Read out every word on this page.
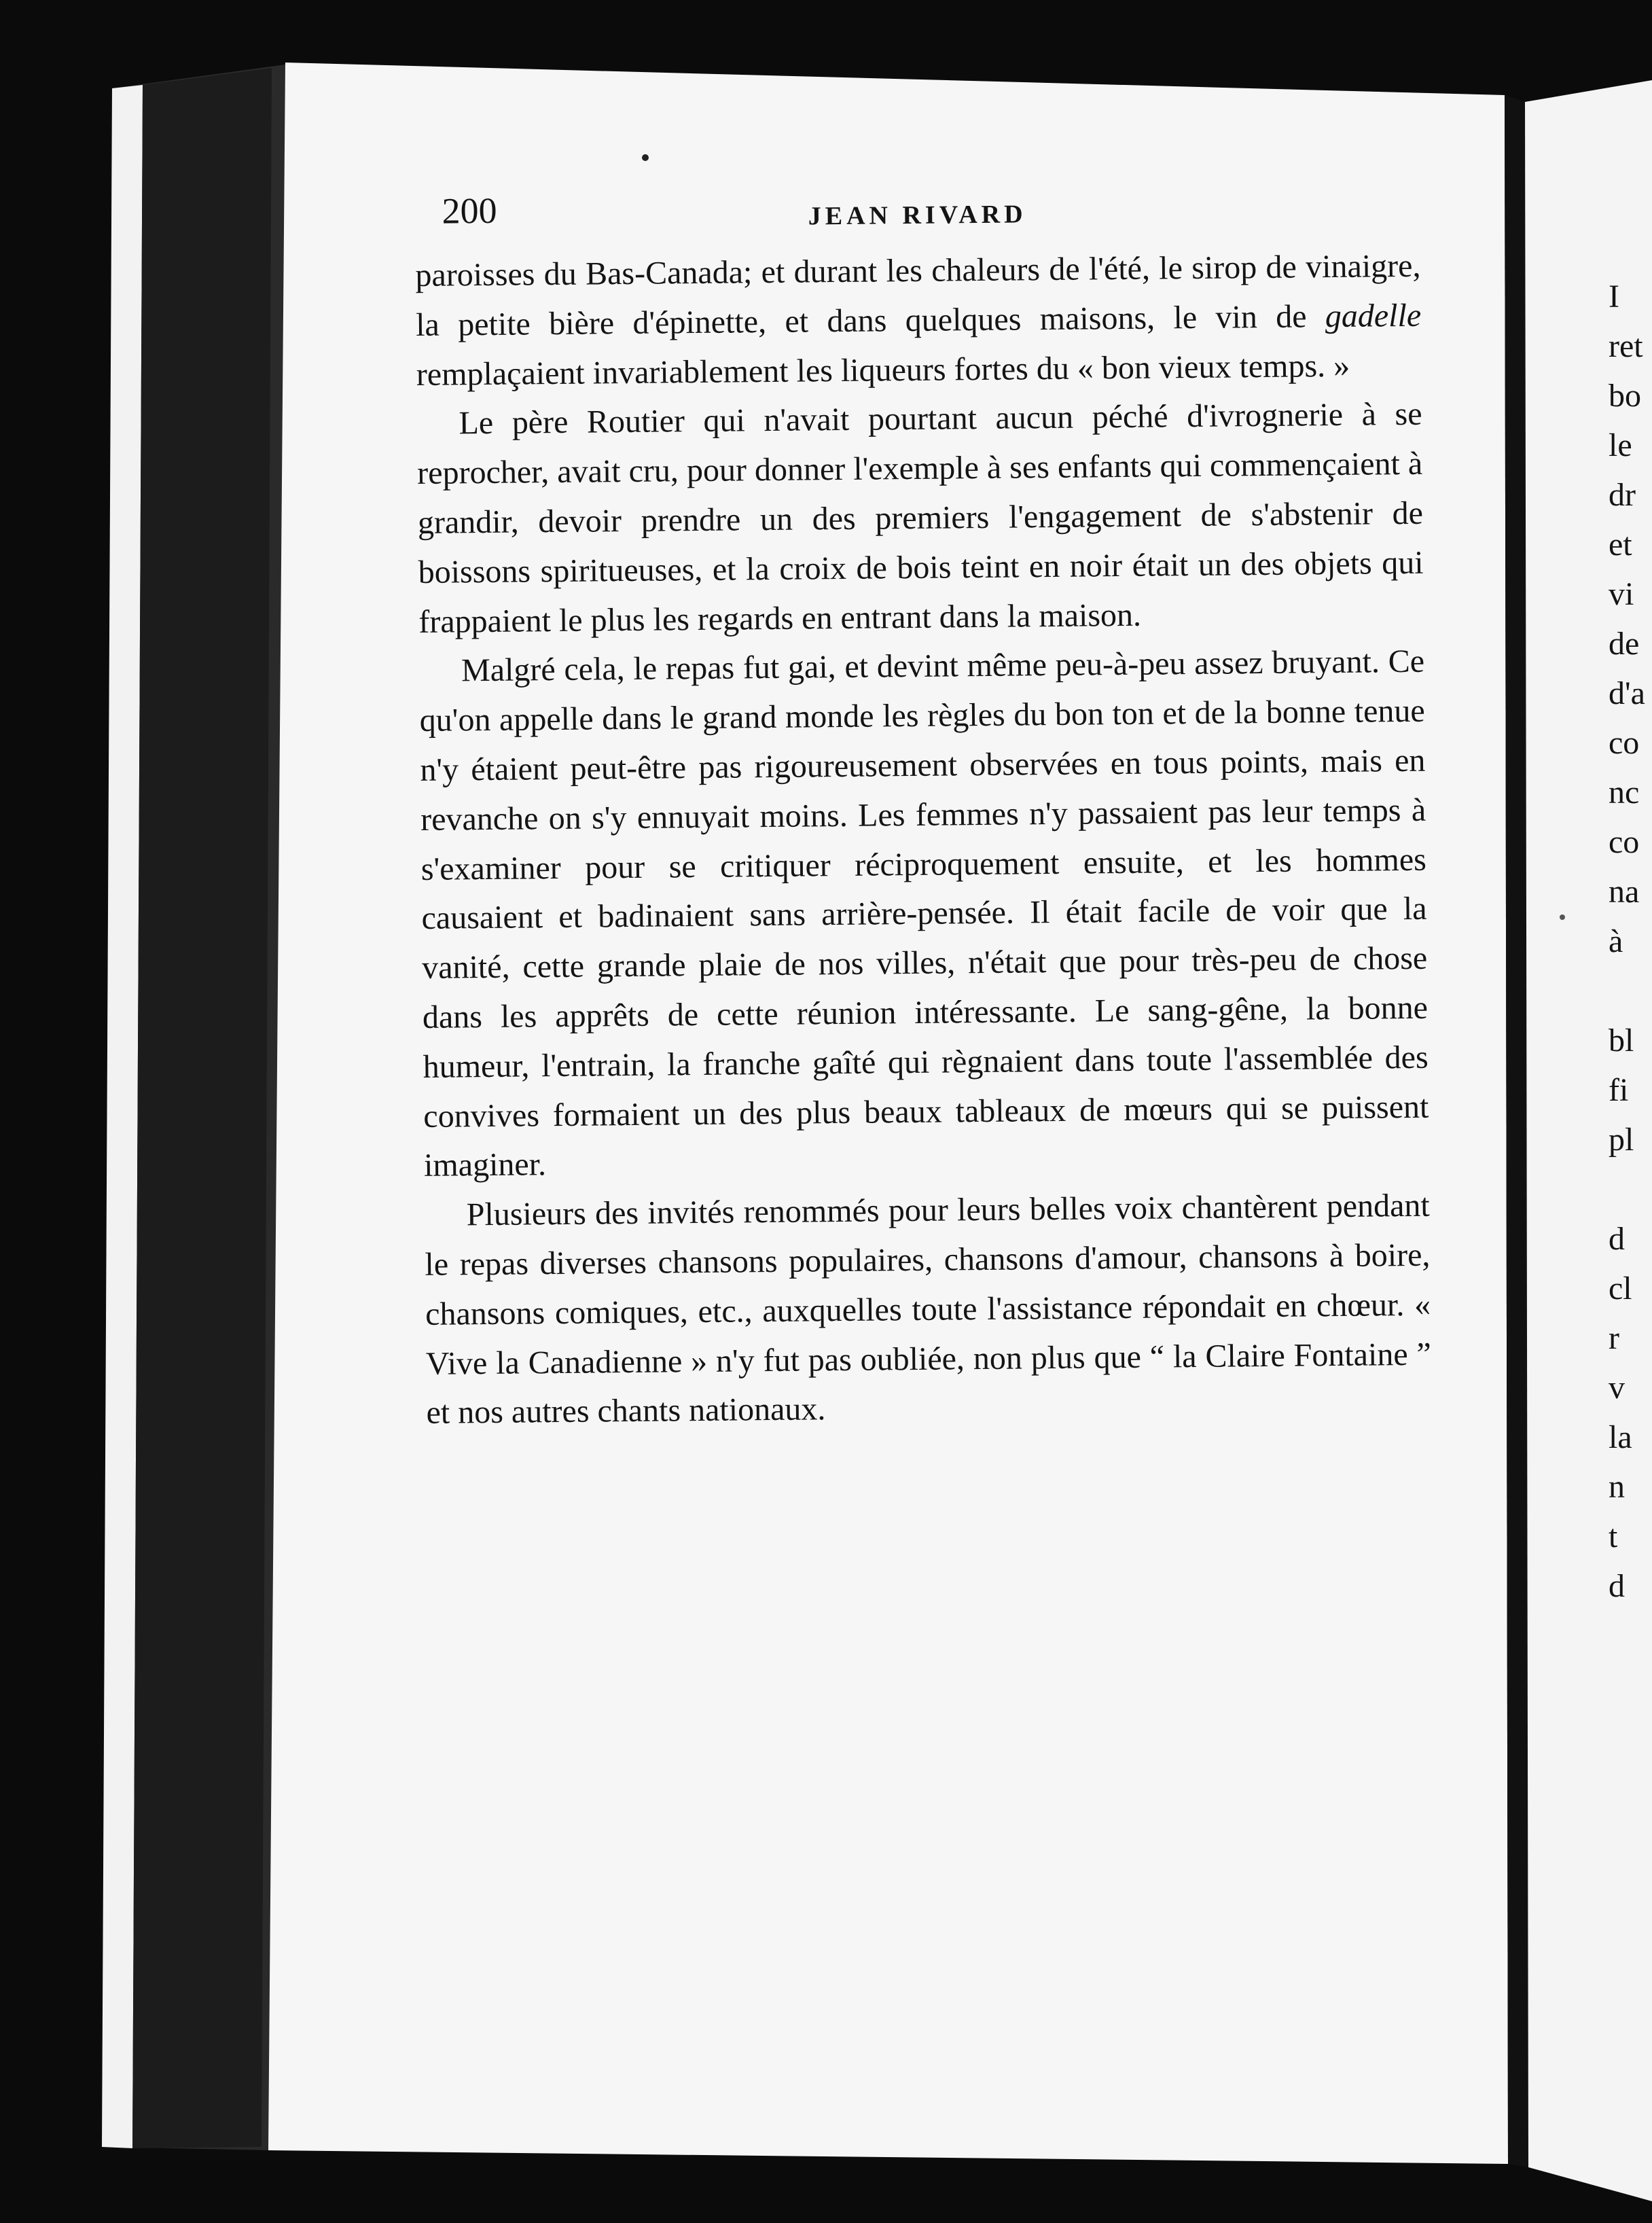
200	JEAN RIVARD

paroisses du Bas-Canada; et durant les chaleurs de l'été, le sirop de vinaigre, la petite bière d'épinette, et dans quelques maisons, le vin de gadelle remplaçaient invariablement les liqueurs fortes du « bon vieux temps. »

Le père Routier qui n'avait pourtant aucun péché d'ivrognerie à se reprocher, avait cru, pour donner l'exemple à ses enfants qui commençaient à grandir, devoir prendre un des premiers l'engagement de s'abstenir de boissons spiritueuses, et la croix de bois teint en noir était un des objets qui frappaient le plus les regards en entrant dans la maison.

Malgré cela, le repas fut gai, et devint même peu-à-peu assez bruyant. Ce qu'on appelle dans le grand monde les règles du bon ton et de la bonne tenue n'y étaient peut-être pas rigoureusement observées en tous points, mais en revanche on s'y ennuyait moins. Les femmes n'y passaient pas leur temps à s'examiner pour se critiquer réciproquement ensuite, et les hommes causaient et badinaient sans arrière-pensée. Il était facile de voir que la vanité, cette grande plaie de nos villes, n'était que pour très-peu de chose dans les apprêts de cette réunion intéressante. Le sang-gêne, la bonne humeur, l'entrain, la franche gaîté qui règnaient dans toute l'assemblée des convives formaient un des plus beaux tableaux de mœurs qui se puissent imaginer.

Plusieurs des invités renommés pour leurs belles voix chantèrent pendant le repas diverses chansons populaires, chansons d'amour, chansons à boire, chansons comiques, etc., auxquelles toute l'assistance répondait en chœur. « Vive la Canadienne » n'y fut pas oubliée, non plus que “ la Claire Fontaine ” et nos autres chants nationaux.

I
ret
bo
le
dr
et
vi
de
d'a
co
nc
co
na
à
bl
fi
pl
d
cl
r
v
la
n
t
d
